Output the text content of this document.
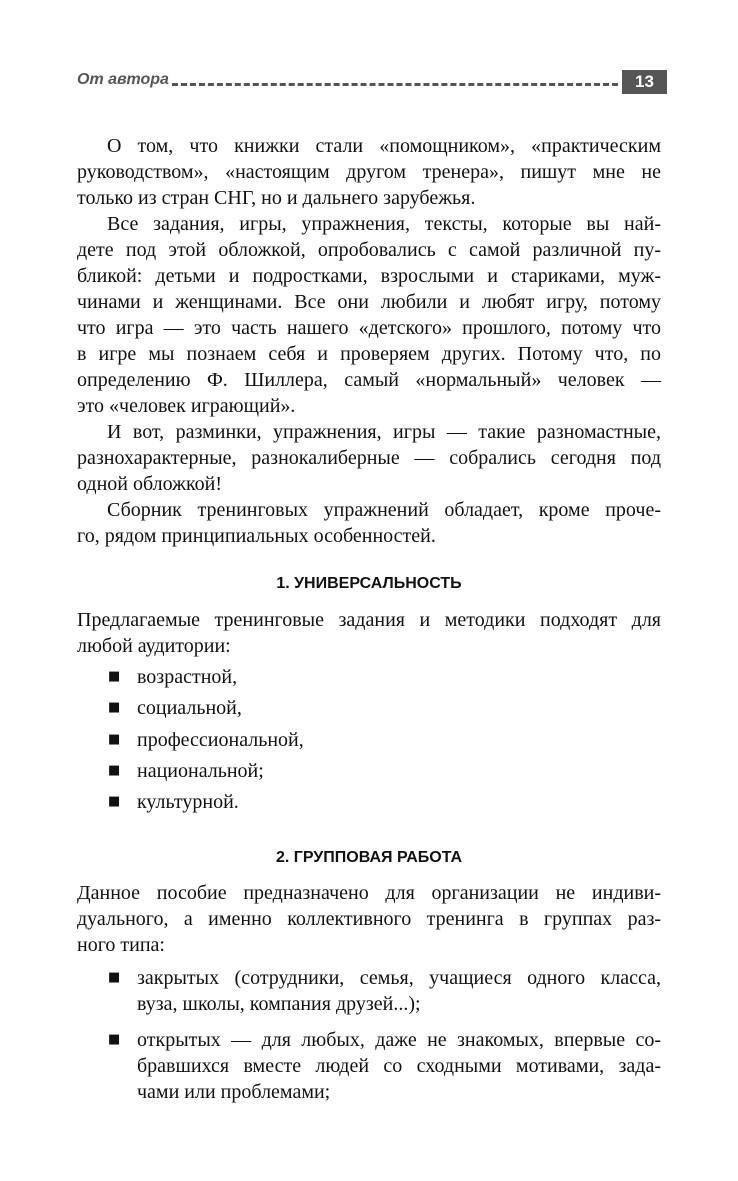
От автора	13
О том, что книжки стали «помощником», «практическим
руководством», «настоящим другом тренера», пишут мне не
только из стран СНГ, но и дальнего зарубежья.
Все задания, игры, упражнения, тексты, которые вы най-
дете под этой обложкой, опробовались с самой различной пу-
бликой: детьми и подростками, взрослыми и стариками, муж-
чинами и женщинами. Все они любили и любят игру, потому
что игра — это часть нашего «детского» прошлого, потому что
в игре мы познаем себя и проверяем других. Потому что, по
определению Ф. Шиллера, самый «нормальный» человек —
это «человек играющий».
И вот, разминки, упражнения, игры — такие разномастные,
разнохарактерные, разнокалиберные — собрались сегодня под
одной обложкой!
Сборник тренинговых упражнений обладает, кроме проче-
го, рядом принципиальных особенностей.
1. УНИВЕРСАЛЬНОСТЬ
Предлагаемые тренинговые задания и методики подходят для
любой аудитории:
■ возрастной,
■ социальной,
■ профессиональной,
■ национальной;
■ культурной.
2. ГРУППОВАЯ РАБОТА
Данное пособие предназначено для организации не индиви-
дуального, а именно коллективного тренинга в группах раз-
ного типа:
■ закрытых (сотрудники, семья, учащиеся одного класса,
вуза, школы, компания друзей...);
■ открытых — для любых, даже не знакомых, впервые со-
бравшихся вместе людей со сходными мотивами, зада-
чами или проблемами;
